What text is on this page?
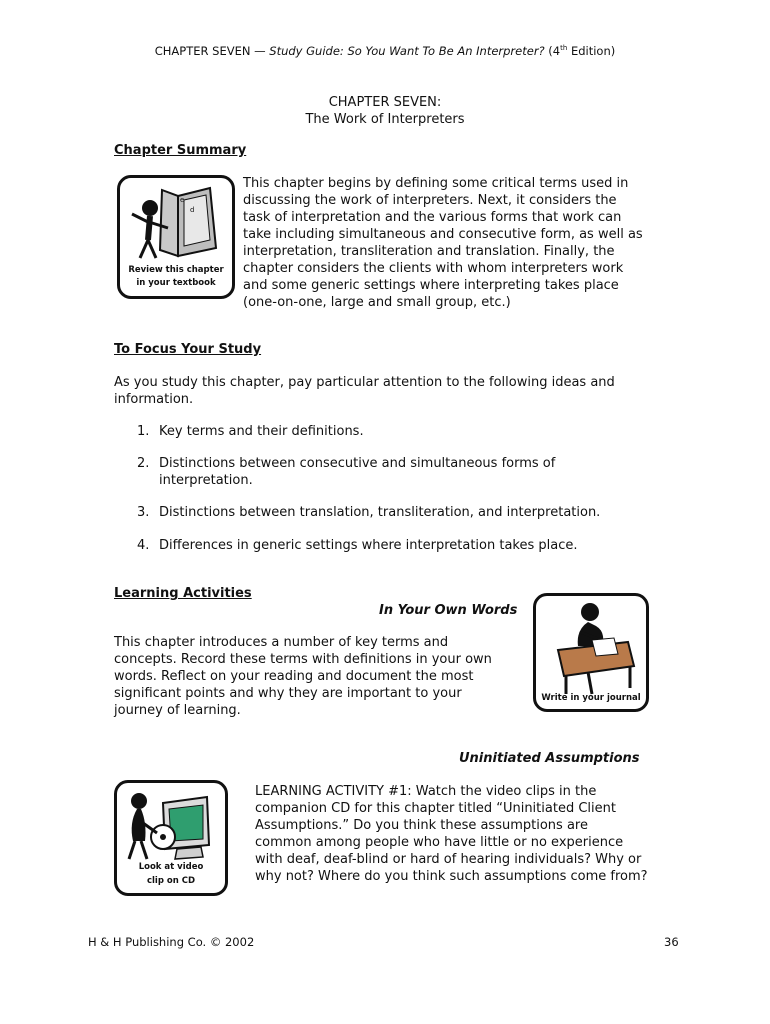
CHAPTER SEVEN — Study Guide: So You Want To Be An Interpreter? (4th Edition)
CHAPTER SEVEN:
The Work of Interpreters
Chapter Summary
e
d
Review this chapter
in your textbook
This chapter begins by defining some critical terms used in
discussing the work of interpreters. Next, it considers the
task of interpretation and the various forms that work can
take including simultaneous and consecutive form, as well as
interpretation, transliteration and translation. Finally, the
chapter considers the clients with whom interpreters work
and some generic settings where interpreting takes place
(one-on-one, large and small group, etc.)
To Focus Your Study
As you study this chapter, pay particular attention to the following ideas and
information.
1. Key terms and their definitions.
2. Distinctions between consecutive and simultaneous forms of
interpretation.
3. Distinctions between translation, transliteration, and interpretation.
4. Differences in generic settings where interpretation takes place.
Learning Activities
In Your Own Words
Write in your journal
This chapter introduces a number of key terms and
concepts. Record these terms with definitions in your own
words. Reflect on your reading and document the most
significant points and why they are important to your
journey of learning.
Uninitiated Assumptions
Look at video
clip on CD
LEARNING ACTIVITY #1: Watch the video clips in the
companion CD for this chapter titled “Uninitiated Client
Assumptions.” Do you think these assumptions are
common among people who have little or no experience
with deaf, deaf-blind or hard of hearing individuals? Why or
why not? Where do you think such assumptions come from?
H & H Publishing Co. © 2002	36
